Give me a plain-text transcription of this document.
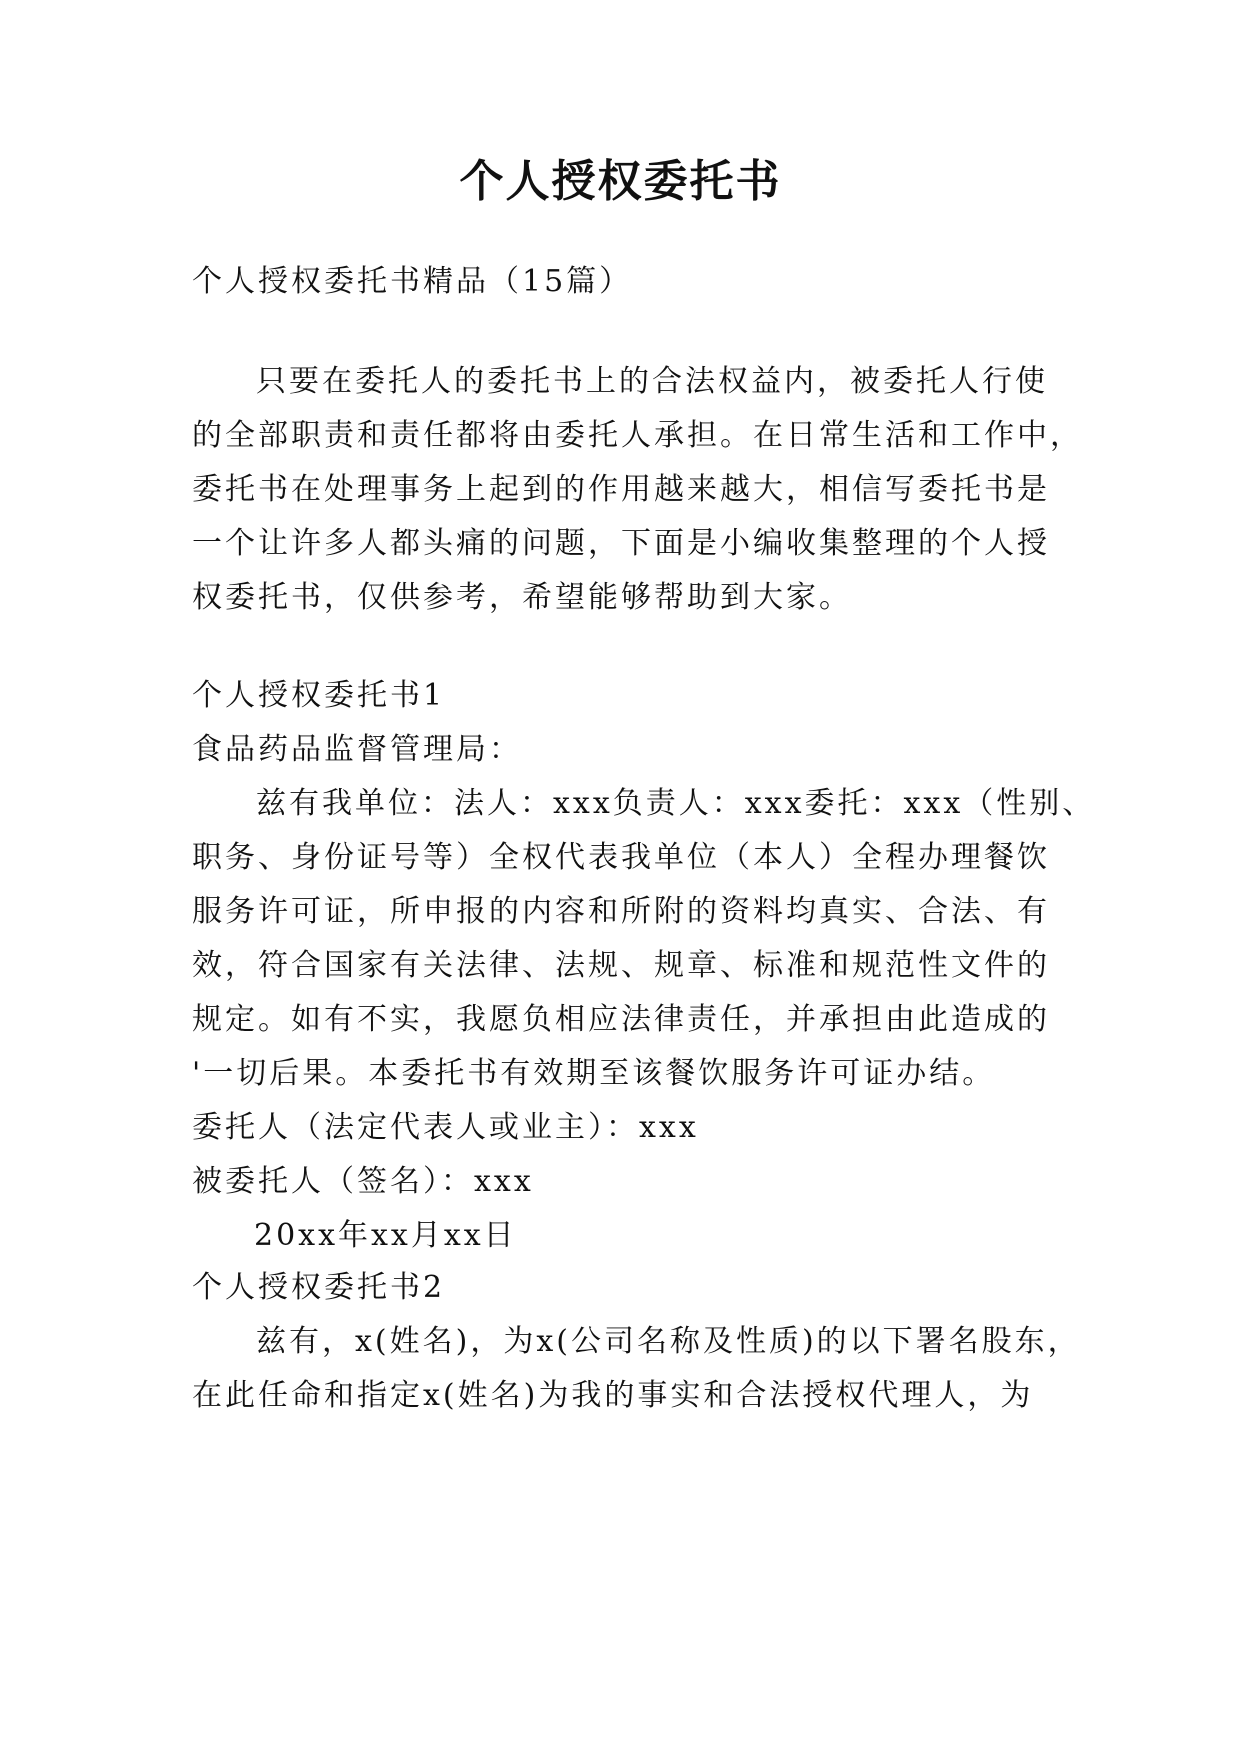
个人授权委托书
个人授权委托书精品（15篇）
只要在委托人的委托书上的合法权益内，被委托人行使
的全部职责和责任都将由委托人承担。在日常生活和工作中，
委托书在处理事务上起到的作用越来越大，相信写委托书是
一个让许多人都头痛的问题，下面是小编收集整理的个人授
权委托书，仅供参考，希望能够帮助到大家。
个人授权委托书1
食品药品监督管理局：
兹有我单位：法人：xxx负责人：xxx委托：xxx（性别、
职务、身份证号等）全权代表我单位（本人）全程办理餐饮
服务许可证，所申报的内容和所附的资料均真实、合法、有
效，符合国家有关法律、法规、规章、标准和规范性文件的
规定。如有不实，我愿负相应法律责任，并承担由此造成的
'一切后果。本委托书有效期至该餐饮服务许可证办结。
委托人（法定代表人或业主）：xxx
被委托人（签名）：xxx
20xx年xx月xx日
个人授权委托书2
兹有，x(姓名)，为x(公司名称及性质)的以下署名股东，
在此任命和指定x(姓名)为我的事实和合法授权代理人，为
